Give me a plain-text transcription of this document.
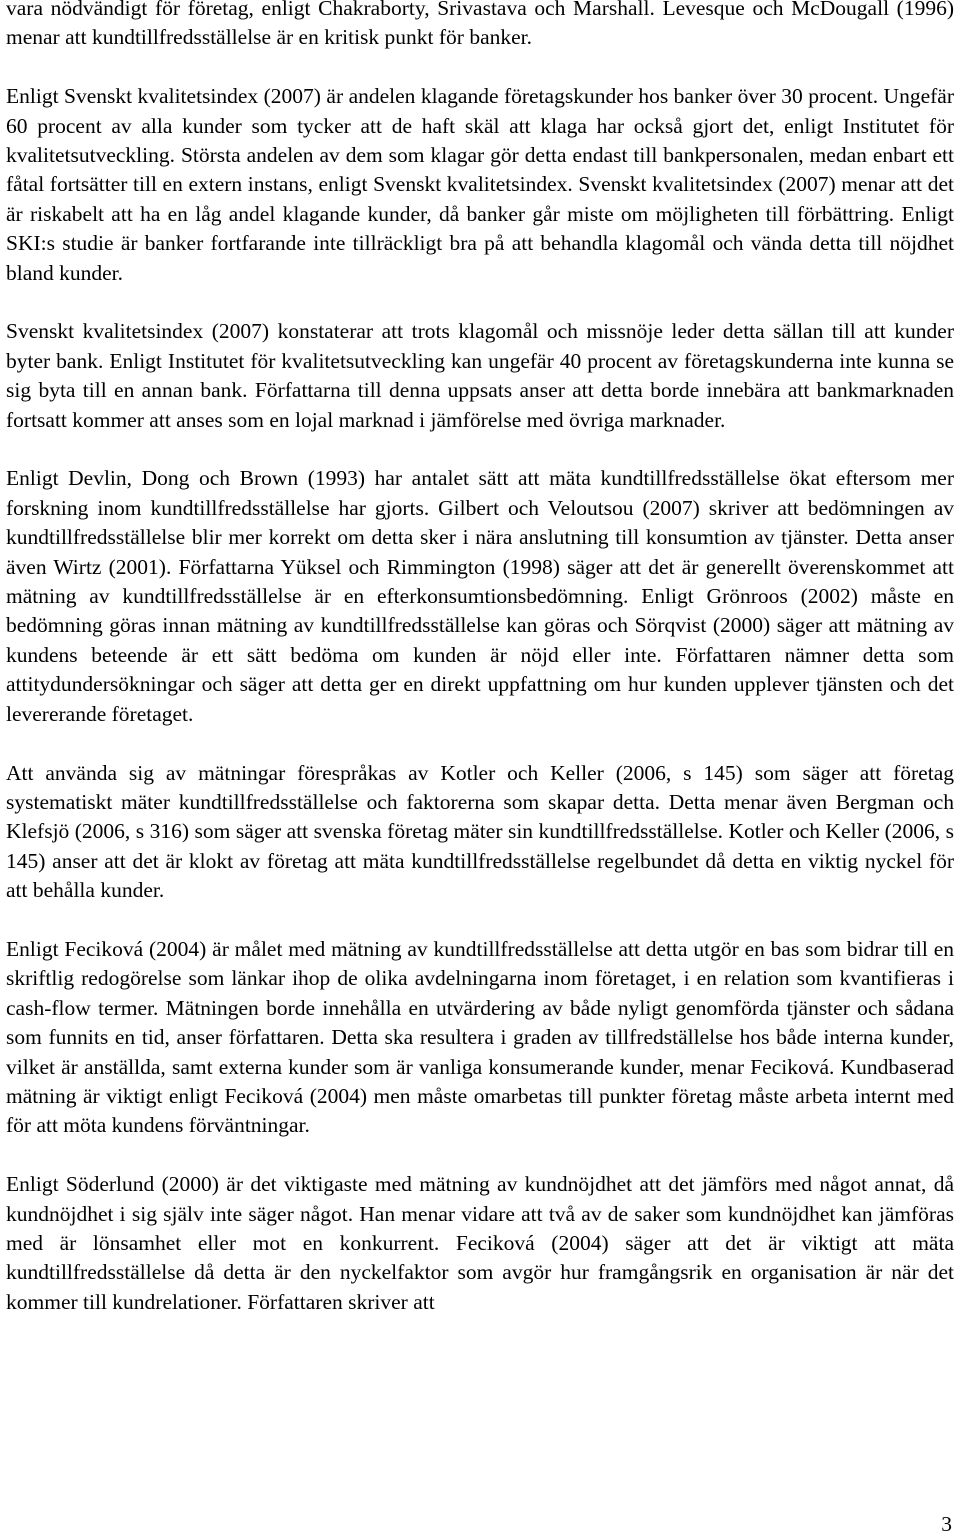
vara nödvändigt för företag, enligt Chakraborty, Srivastava och Marshall. Levesque och McDougall (1996) menar att kundtillfredsställelse är en kritisk punkt för banker.

Enligt Svenskt kvalitetsindex (2007) är andelen klagande företagskunder hos banker över 30 procent. Ungefär 60 procent av alla kunder som tycker att de haft skäl att klaga har också gjort det, enligt Institutet för kvalitetsutveckling. Största andelen av dem som klagar gör detta endast till bankpersonalen, medan enbart ett fåtal fortsätter till en extern instans, enligt Svenskt kvalitetsindex. Svenskt kvalitetsindex (2007) menar att det är riskabelt att ha en låg andel klagande kunder, då banker går miste om möjligheten till förbättring. Enligt SKI:s studie är banker fortfarande inte tillräckligt bra på att behandla klagomål och vända detta till nöjdhet bland kunder.

Svenskt kvalitetsindex (2007) konstaterar att trots klagomål och missnöje leder detta sällan till att kunder byter bank. Enligt Institutet för kvalitetsutveckling kan ungefär 40 procent av företagskunderna inte kunna se sig byta till en annan bank. Författarna till denna uppsats anser att detta borde innebära att bankmarknaden fortsatt kommer att anses som en lojal marknad i jämförelse med övriga marknader.

Enligt Devlin, Dong och Brown (1993) har antalet sätt att mäta kundtillfredsställelse ökat eftersom mer forskning inom kundtillfredsställelse har gjorts. Gilbert och Veloutsou (2007) skriver att bedömningen av kundtillfredsställelse blir mer korrekt om detta sker i nära anslutning till konsumtion av tjänster. Detta anser även Wirtz (2001). Författarna Yüksel och Rimmington (1998) säger att det är generellt överenskommet att mätning av kundtillfredsställelse är en efterkonsumtionsbedömning. Enligt Grönroos (2002) måste en bedömning göras innan mätning av kundtillfredsställelse kan göras och Sörqvist (2000) säger att mätning av kundens beteende är ett sätt bedöma om kunden är nöjd eller inte. Författaren nämner detta som attitydundersökningar och säger att detta ger en direkt uppfattning om hur kunden upplever tjänsten och det levererande företaget.

Att använda sig av mätningar förespråkas av Kotler och Keller (2006, s 145) som säger att företag systematiskt mäter kundtillfredsställelse och faktorerna som skapar detta. Detta menar även Bergman och Klefsjö (2006, s 316) som säger att svenska företag mäter sin kundtillfredsställelse. Kotler och Keller (2006, s 145) anser att det är klokt av företag att mäta kundtillfredsställelse regelbundet då detta en viktig nyckel för att behålla kunder.

Enligt Feciková (2004) är målet med mätning av kundtillfredsställelse att detta utgör en bas som bidrar till en skriftlig redogörelse som länkar ihop de olika avdelningarna inom företaget, i en relation som kvantifieras i cash-flow termer. Mätningen borde innehålla en utvärdering av både nyligt genomförda tjänster och sådana som funnits en tid, anser författaren. Detta ska resultera i graden av tillfredställelse hos både interna kunder, vilket är anställda, samt externa kunder som är vanliga konsumerande kunder, menar Feciková. Kundbaserad mätning är viktigt enligt Feciková (2004) men måste omarbetas till punkter företag måste arbeta internt med för att möta kundens förväntningar.

Enligt Söderlund (2000) är det viktigaste med mätning av kundnöjdhet att det jämförs med något annat, då kundnöjdhet i sig själv inte säger något. Han menar vidare att två av de saker som kundnöjdhet kan jämföras med är lönsamhet eller mot en konkurrent. Feciková (2004) säger att det är viktigt att mäta kundtillfredsställelse då detta är den nyckelfaktor som avgör hur framgångsrik en organisation är när det kommer till kundrelationer. Författaren skriver att

3
